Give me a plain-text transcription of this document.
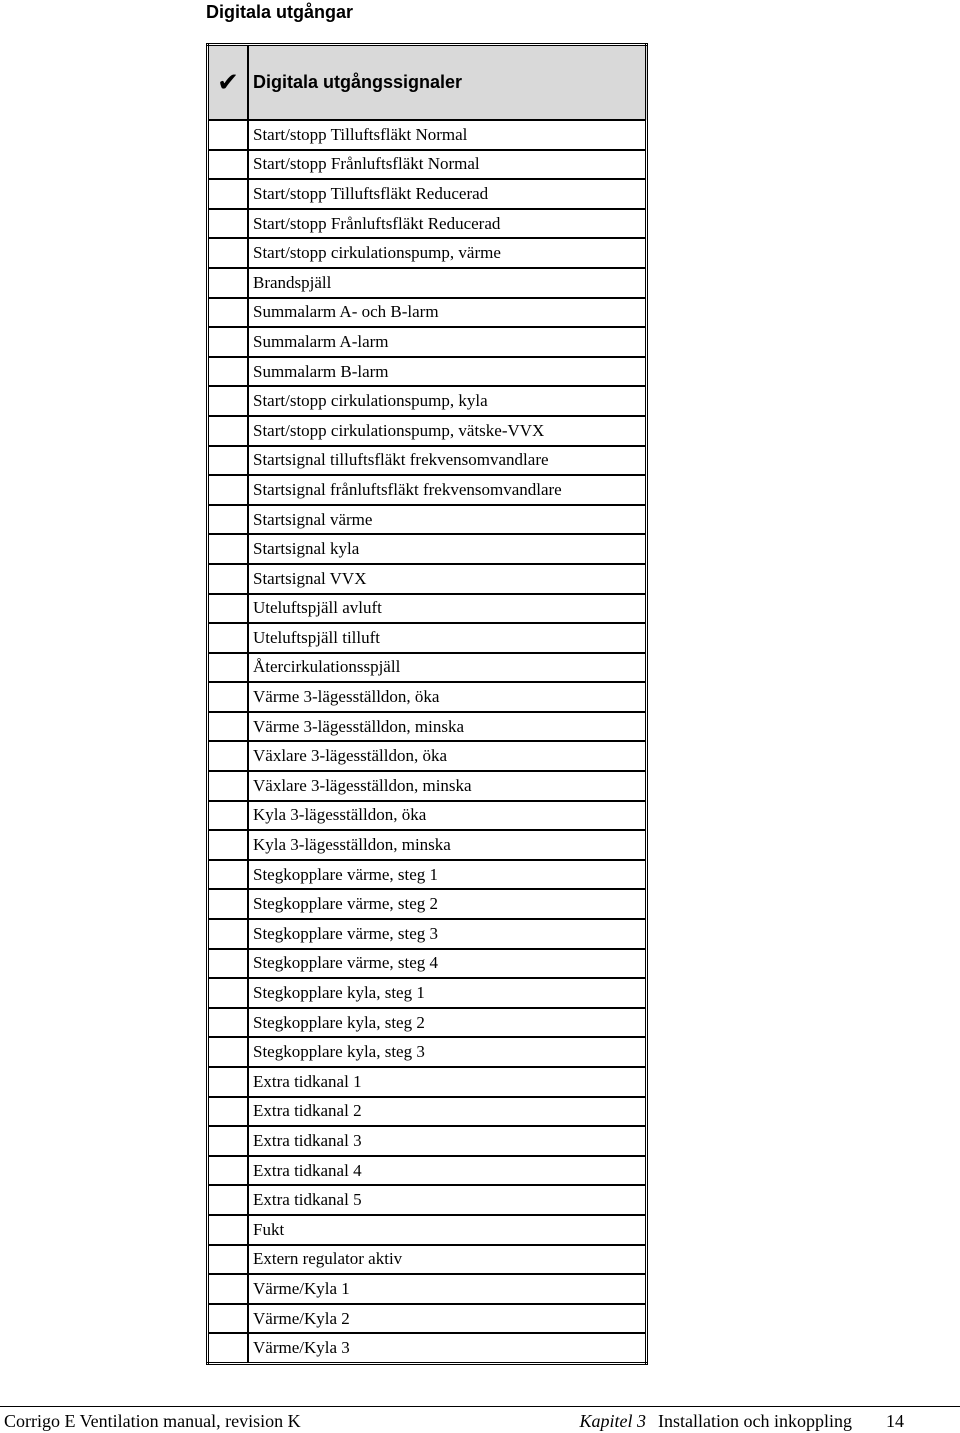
Digitala utgångar
✔	Digitala utgångssignaler
	Start/stopp Tilluftsfläkt Normal
	Start/stopp Frånluftsfläkt Normal
	Start/stopp Tilluftsfläkt Reducerad
	Start/stopp Frånluftsfläkt Reducerad
	Start/stopp cirkulationspump, värme
	Brandspjäll
	Summalarm A- och B-larm
	Summalarm A-larm
	Summalarm B-larm
	Start/stopp cirkulationspump, kyla
	Start/stopp cirkulationspump, vätske-VVX
	Startsignal tilluftsfläkt frekvensomvandlare
	Startsignal frånluftsfläkt frekvensomvandlare
	Startsignal värme
	Startsignal kyla
	Startsignal VVX
	Uteluftspjäll avluft
	Uteluftspjäll tilluft
	Återcirkulationsspjäll
	Värme 3-lägesställdon, öka
	Värme 3-lägesställdon, minska
	Växlare 3-lägesställdon, öka
	Växlare 3-lägesställdon, minska
	Kyla 3-lägesställdon, öka
	Kyla 3-lägesställdon, minska
	Stegkopplare värme, steg 1
	Stegkopplare värme, steg 2
	Stegkopplare värme, steg 3
	Stegkopplare värme, steg 4
	Stegkopplare kyla, steg 1
	Stegkopplare kyla, steg 2
	Stegkopplare kyla, steg 3
	Extra tidkanal 1
	Extra tidkanal 2
	Extra tidkanal 3
	Extra tidkanal 4
	Extra tidkanal 5
	Fukt
	Extern regulator aktiv
	Värme/Kyla 1
	Värme/Kyla 2
	Värme/Kyla 3
Corrigo E Ventilation manual, revision K	Kapitel 3 Installation och inkoppling 14
